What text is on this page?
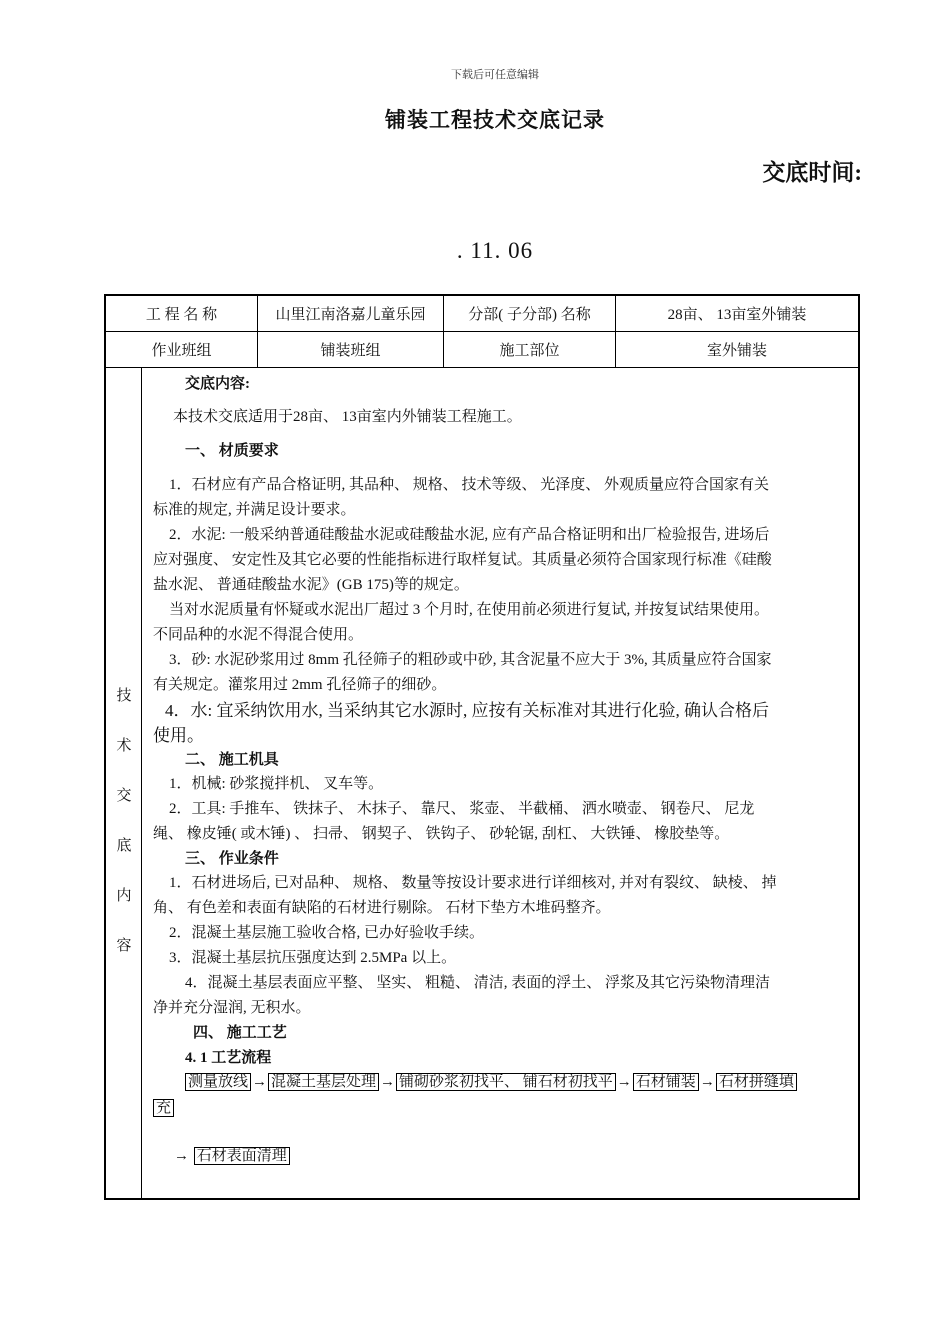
下载后可任意编辑
铺装工程技术交底记录
交底时间:
. 11. 06
工 程 名 称	山里江南洛嘉儿童乐园	分部( 子分部) 名称	28亩、 13亩室外铺装
作业班组	铺装班组	施工部位	室外铺装
技
术
交
底
内
容
交底内容:
本技术交底适用于28亩、 13亩室内外铺装工程施工。
一、 材质要求
1．石材应有产品合格证明, 其品种、 规格、 技术等级、 光泽度、 外观质量应符合国家有关
标准的规定, 并满足设计要求。
2．水泥: 一般采纳普通硅酸盐水泥或硅酸盐水泥, 应有产品合格证明和出厂检验报告, 进场后
应对强度、 安定性及其它必要的性能指标进行取样复试。其质量必须符合国家现行标准《硅酸
盐水泥、 普通硅酸盐水泥》(GB 175)等的规定。
当对水泥质量有怀疑或水泥出厂超过 3 个月时, 在使用前必须进行复试, 并按复试结果使用。
不同品种的水泥不得混合使用。
3．砂: 水泥砂浆用过 8mm 孔径筛子的粗砂或中砂, 其含泥量不应大于 3%, 其质量应符合国家
有关规定。灌浆用过 2mm 孔径筛子的细砂。
4．水: 宜采纳饮用水, 当采纳其它水源时, 应按有关标准对其进行化验, 确认合格后
使用。
二、 施工机具
1．机械: 砂浆搅拌机、 叉车等。
2．工具: 手推车、 铁抹子、 木抹子、 靠尺、 浆壶、 半截桶、 洒水喷壶、 钢卷尺、 尼龙
绳、 橡皮锤( 或木锤) 、 扫帚、 钢契子、 铁钩子、 砂轮锯, 刮杠、 大铁锤、 橡胶垫等。
三、 作业条件
1．石材进场后, 已对品种、 规格、 数量等按设计要求进行详细核对, 并对有裂纹、 缺棱、 掉
角、 有色差和表面有缺陷的石材进行剔除。 石材下垫方木堆码整齐。
2．混凝土基层施工验收合格, 已办好验收手续。
3．混凝土基层抗压强度达到 2.5MPa 以上。
4．混凝土基层表面应平整、 坚实、 粗糙、 清洁, 表面的浮土、 浮浆及其它污染物清理洁
净并充分湿润, 无积水。
四、 施工工艺
4. 1 工艺流程
测量放线 → 混凝土基层处理 → 铺砌砂浆初找平、 铺石材初找平 → 石材铺装 → 石材拼缝填
充
→ 石材表面清理
